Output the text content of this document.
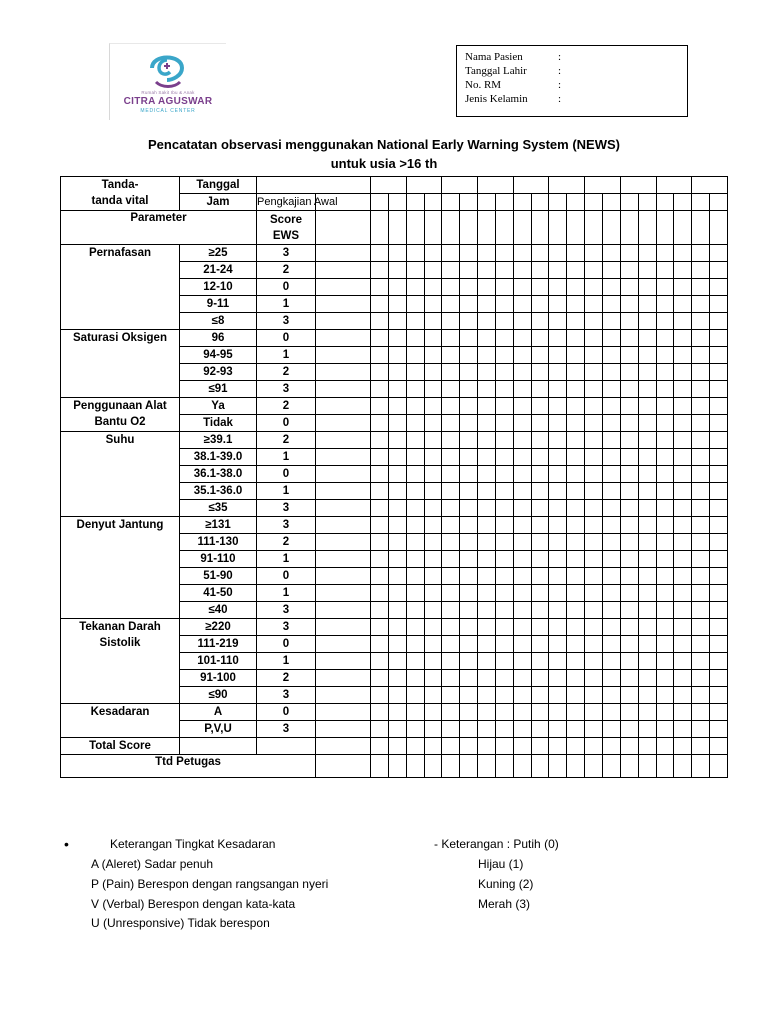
Rumah Sakit Ibu & Anak
CITRA AGUSWAR
MEDICAL CENTER
Nama Pasien	:
Tanggal Lahir	:
No. RM	:
Jenis Kelamin	:
Pencatatan observasi menggunakan National Early Warning System (NEWS)
untuk usia >16 th
Tanda-tanda vital	Tanggal																						
	Jam	Pengkajian Awal																					
Parameter		Score EWS																					
Pernafasan	≥25	3																					
	21-24	2																					
	12-10	0																					
	9-11	1																					
	≤8	3																					
Saturasi Oksigen	96	0																					
	94-95	1																					
	92-93	2																					
	≤91	3																					
Penggunaan Alat Bantu O2	Ya	2																					
	Tidak	0																					
Suhu	≥39.1	2																					
	38.1-39.0	1																					
	36.1-38.0	0																					
	35.1-36.0	1																					
	≤35	3																					
Denyut Jantung	≥131	3																					
	111-130	2																					
	91-110	1																					
	51-90	0																					
	41-50	1																					
	≤40	3																					
Tekanan Darah Sistolik	≥220	3																					
	111-219	0																					
	101-110	1																					
	91-100	2																					
	≤90	3																					
Kesadaran	A	0																					
	P,V,U	3																					
Total Score																							
Ttd Petugas																							
•	Keterangan Tingkat Kesadaran
A (Aleret) Sadar penuh
P (Pain) Berespon dengan rangsangan nyeri
V (Verbal) Berespon dengan kata-kata
U (Unresponsive) Tidak berespon
- Keterangan : Putih (0)
Hijau (1)
Kuning (2)
Merah (3)
